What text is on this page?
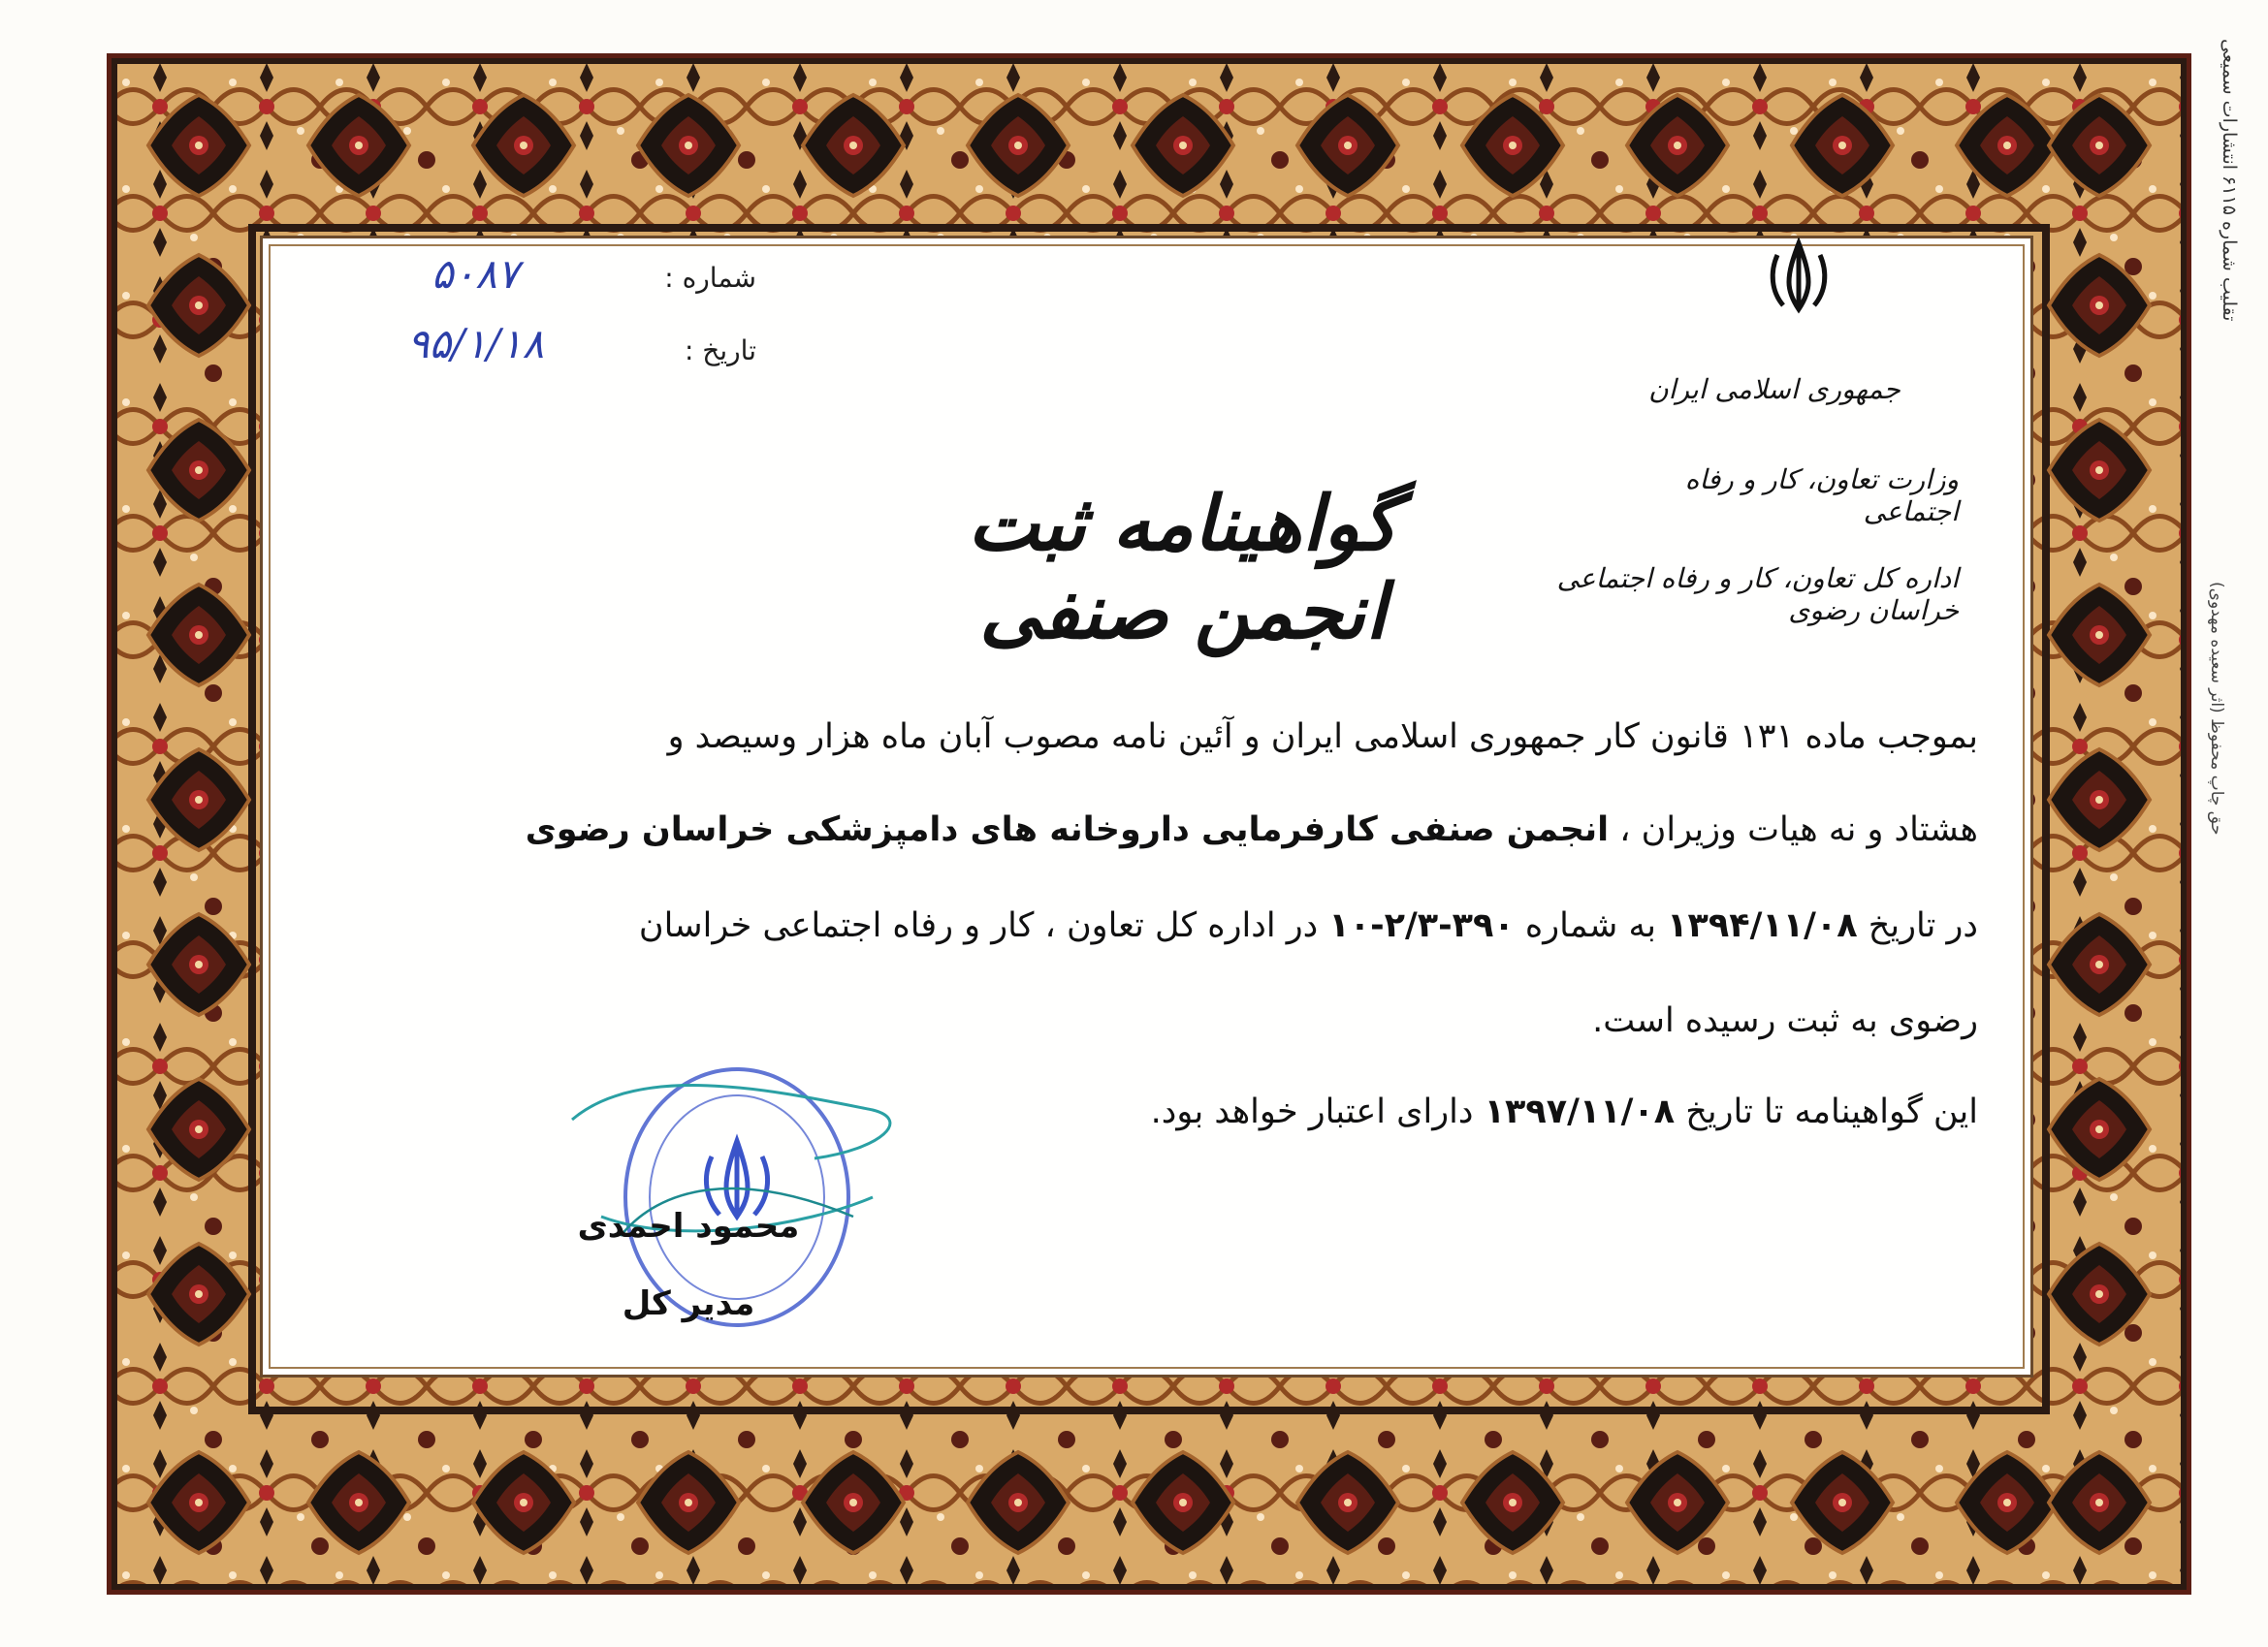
تقلیب شماره ۶۱۱۵ انتشارات سمیعی
حق چاپ محفوظ (اثر سعیده مهدوی)
شماره :
۵۰۸۷
تاریخ :
۹۵/۱/۱۸
جمهوری اسلامی ایران
وزارت تعاون، کار و رفاه اجتماعی
اداره کل تعاون، کار و رفاه اجتماعی خراسان رضوی
گواهینامه ثبت انجمن صنفی
بموجب ماده ۱۳۱ قانون کار جمهوری اسلامی ایران و آئین نامه مصوب آبان ماه هزار وسیصد و
هشتاد و نه هیات وزیران ، انجمن صنفی کارفرمایی داروخانه های دامپزشکی خراسان رضوی
در تاریخ ۱۳۹۴/۱۱/۰۸ به شماره ۳۹۰-۲/۳-۱۰ در اداره کل تعاون ، کار و رفاه اجتماعی خراسان
رضوی به ثبت رسیده است.
این گواهینامه تا تاریخ ۱۳۹۷/۱۱/۰۸ دارای اعتبار خواهد بود.
محمود احمدی
مدیر کل
